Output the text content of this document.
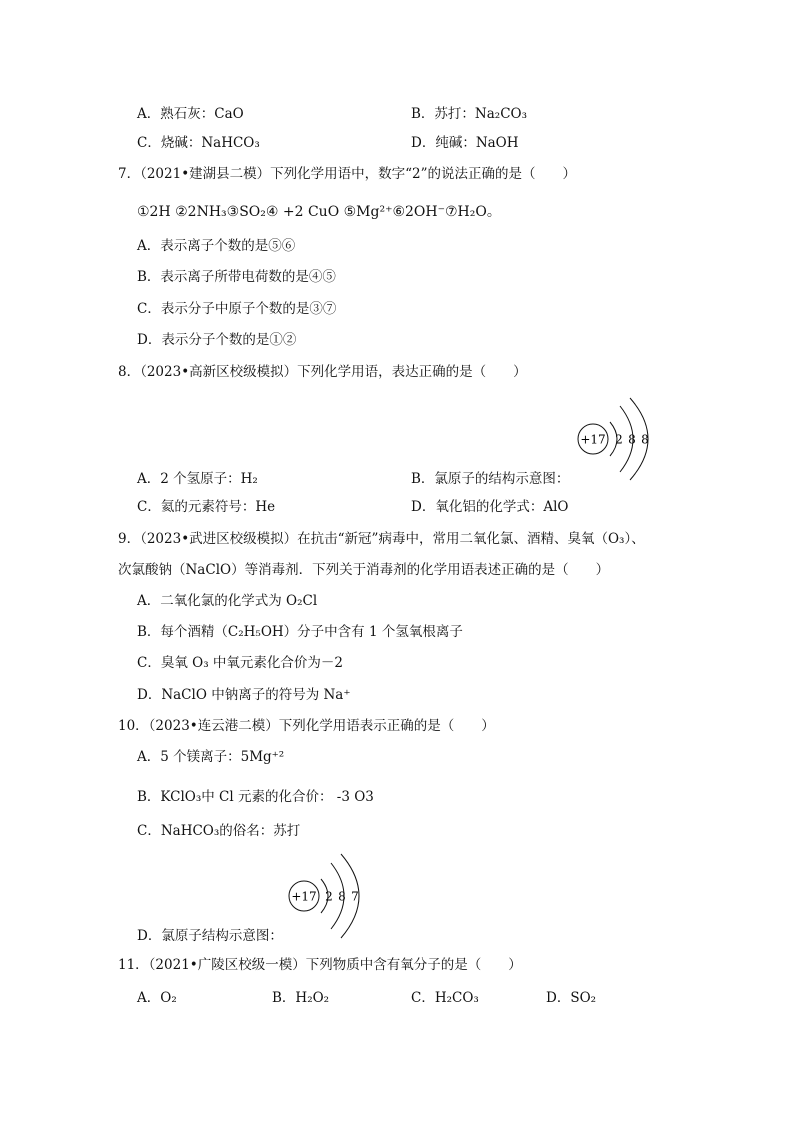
A．熟石灰：CaO	B．苏打：Na₂CO₃
C．烧碱：NaHCO₃	D．纯碱：NaOH
7．（2021•建湖县二模）下列化学用语中，数字“2”的说法正确的是（　　）
①2H ②2NH₃③SO₂④ +2 CuO ⑤Mg²⁺⑥2OH⁻⑦H₂O。
A．表示离子个数的是⑤⑥
B．表示离子所带电荷数的是④⑤
C．表示分子中原子个数的是③⑦
D．表示分子个数的是①②
8．（2023•高新区校级模拟）下列化学用语，表达正确的是（　　）
+17 2 8 8
A．2 个氢原子：H₂	B．氯原子的结构示意图：
C．氦的元素符号：He	D．氧化铝的化学式：AlO
9．（2023•武进区校级模拟）在抗击“新冠”病毒中，常用二氧化氯、酒精、臭氧（O₃）、
次氯酸钠（NaClO）等消毒剂．下列关于消毒剂的化学用语表述正确的是（　　）
A．二氧化氯的化学式为 O₂Cl
B．每个酒精（C₂H₅OH）分子中含有 1 个氢氧根离子
C．臭氧 O₃ 中氧元素化合价为－2
D．NaClO 中钠离子的符号为 Na⁺
10．（2023•连云港二模）下列化学用语表示正确的是（　　）
A．5 个镁离子：5Mg⁺²
B．KClO₃中 Cl 元素的化合价： -3 O3
C．NaHCO₃的俗名：苏打
+17 2 8 7
D．氯原子结构示意图：
11．（2021•广陵区校级一模）下列物质中含有氧分子的是（　　）
A．O₂	B．H₂O₂	C．H₂CO₃	D．SO₂
